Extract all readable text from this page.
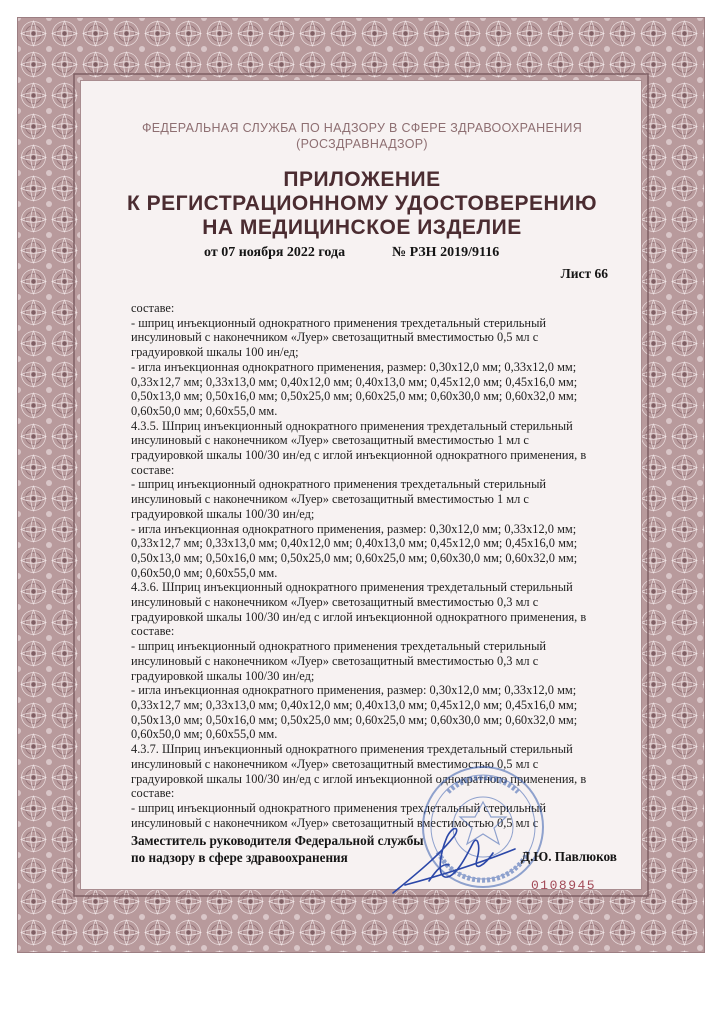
ФЕДЕРАЛЬНАЯ СЛУЖБА ПО НАДЗОРУ В СФЕРЕ ЗДРАВООХРАНЕНИЯ
(РОСЗДРАВНАДЗОР)
ПРИЛОЖЕНИЕ
К РЕГИСТРАЦИОННОМУ УДОСТОВЕРЕНИЮ
НА МЕДИЦИНСКОЕ ИЗДЕЛИЕ
от 07 ноября 2022 года	№ РЗН 2019/9116
Лист 66
составе:
- шприц инъекционный однократного применения трехдетальный стерильный
инсулиновый с наконечником «Луер» светозащитный вместимостью 0,5 мл с
градуировкой шкалы 100 ин/ед;
- игла инъекционная однократного применения, размер: 0,30х12,0 мм; 0,33х12,0 мм;
0,33х12,7 мм; 0,33х13,0 мм; 0,40х12,0 мм; 0,40х13,0 мм; 0,45х12,0 мм; 0,45х16,0 мм;
0,50х13,0 мм; 0,50х16,0 мм; 0,50х25,0 мм; 0,60х25,0 мм; 0,60х30,0 мм; 0,60х32,0 мм;
0,60х50,0 мм; 0,60х55,0 мм.
4.3.5. Шприц инъекционный однократного применения трехдетальный стерильный
инсулиновый с наконечником «Луер» светозащитный вместимостью 1 мл с
градуировкой шкалы 100/30 ин/ед с иглой инъекционной однократного применения, в
составе:
- шприц инъекционный однократного применения трехдетальный стерильный
инсулиновый с наконечником «Луер» светозащитный вместимостью 1 мл с
градуировкой шкалы 100/30 ин/ед;
- игла инъекционная однократного применения, размер: 0,30х12,0 мм; 0,33х12,0 мм;
0,33х12,7 мм; 0,33х13,0 мм; 0,40х12,0 мм; 0,40х13,0 мм; 0,45х12,0 мм; 0,45х16,0 мм;
0,50х13,0 мм; 0,50х16,0 мм; 0,50х25,0 мм; 0,60х25,0 мм; 0,60х30,0 мм; 0,60х32,0 мм;
0,60х50,0 мм; 0,60х55,0 мм.
4.3.6. Шприц инъекционный однократного применения трехдетальный стерильный
инсулиновый с наконечником «Луер» светозащитный вместимостью 0,3 мл с
градуировкой шкалы 100/30 ин/ед с иглой инъекционной однократного применения, в
составе:
- шприц инъекционный однократного применения трехдетальный стерильный
инсулиновый с наконечником «Луер» светозащитный вместимостью 0,3 мл с
градуировкой шкалы 100/30 ин/ед;
- игла инъекционная однократного применения, размер: 0,30х12,0 мм; 0,33х12,0 мм;
0,33х12,7 мм; 0,33х13,0 мм; 0,40х12,0 мм; 0,40х13,0 мм; 0,45х12,0 мм; 0,45х16,0 мм;
0,50х13,0 мм; 0,50х16,0 мм; 0,50х25,0 мм; 0,60х25,0 мм; 0,60х30,0 мм; 0,60х32,0 мм;
0,60х50,0 мм; 0,60х55,0 мм.
4.3.7. Шприц инъекционный однократного применения трехдетальный стерильный
инсулиновый с наконечником «Луер» светозащитный вместимостью 0,5 мл с
градуировкой шкалы 100/30 ин/ед с иглой инъекционной однократного применения, в
составе:
- шприц инъекционный однократного применения трехдетальный стерильный
инсулиновый с наконечником «Луер» светозащитный вместимостью 0,5 мл с
Заместитель руководителя Федеральной службы
по надзору в сфере здравоохранения	Д.Ю. Павлюков
0108945
